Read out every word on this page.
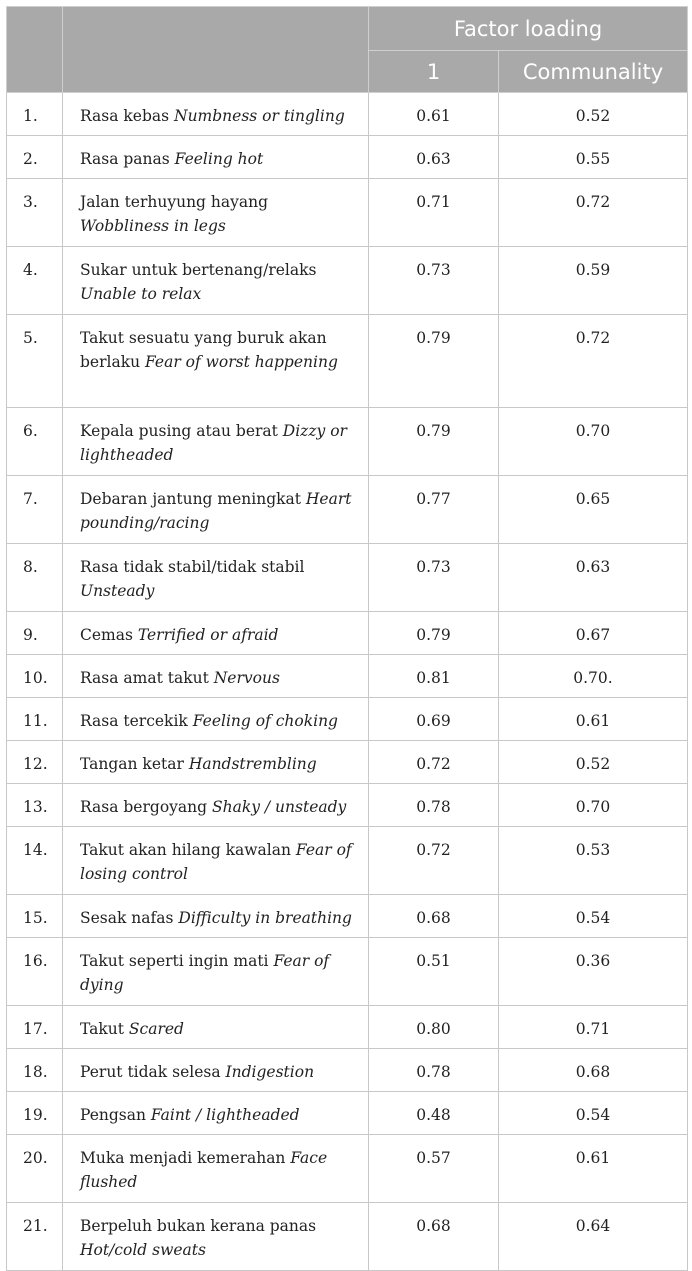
		Factor loading	
		1	Communality
1.	Rasa kebas Numbness or tingling	0.61	0.52
2.	Rasa panas Feeling hot	0.63	0.55
3.	Jalan terhuyung hayang Wobbliness in legs	0.71	0.72
4.	Sukar untuk bertenang/relaks Unable to relax	0.73	0.59
5.	Takut sesuatu yang buruk akan berlaku Fear of worst happening	0.79	0.72
6.	Kepala pusing atau berat Dizzy or lightheaded	0.79	0.70
7.	Debaran jantung meningkat Heart pounding/racing	0.77	0.65
8.	Rasa tidak stabil/tidak stabil Unsteady	0.73	0.63
9.	Cemas Terrified or afraid	0.79	0.67
10.	Rasa amat takut Nervous	0.81	0.70.
11.	Rasa tercekik Feeling of choking	0.69	0.61
12.	Tangan ketar Handstrembling	0.72	0.52
13.	Rasa bergoyang Shaky / unsteady	0.78	0.70
14.	Takut akan hilang kawalan Fear of losing control	0.72	0.53
15.	Sesak nafas Difficulty in breathing	0.68	0.54
16.	Takut seperti ingin mati Fear of dying	0.51	0.36
17.	Takut Scared	0.80	0.71
18.	Perut tidak selesa Indigestion	0.78	0.68
19.	Pengsan Faint / lightheaded	0.48	0.54
20.	Muka menjadi kemerahan Face flushed	0.57	0.61
21.	Berpeluh bukan kerana panas Hot/cold sweats	0.68	0.64
